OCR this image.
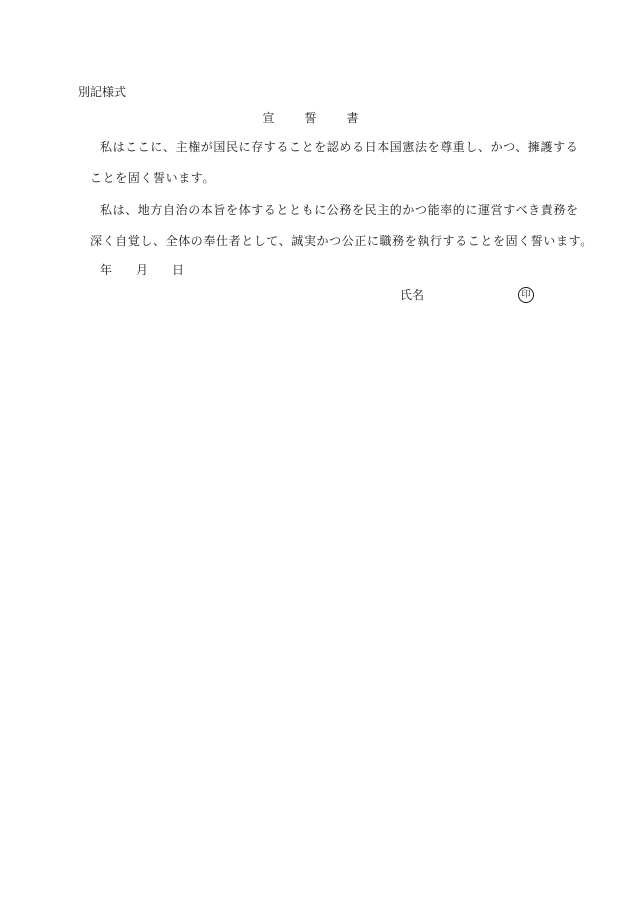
別記様式
宣　誓　書
私はここに、主権が国民に存することを認める日本国憲法を尊重し、かつ、擁護する
ことを固く誓います。
私は、地方自治の本旨を体するとともに公務を民主的かつ能率的に運営すべき責務を
深く自覚し、全体の奉仕者として、誠実かつ公正に職務を執行することを固く誓います。
年 月 日
氏名	印
